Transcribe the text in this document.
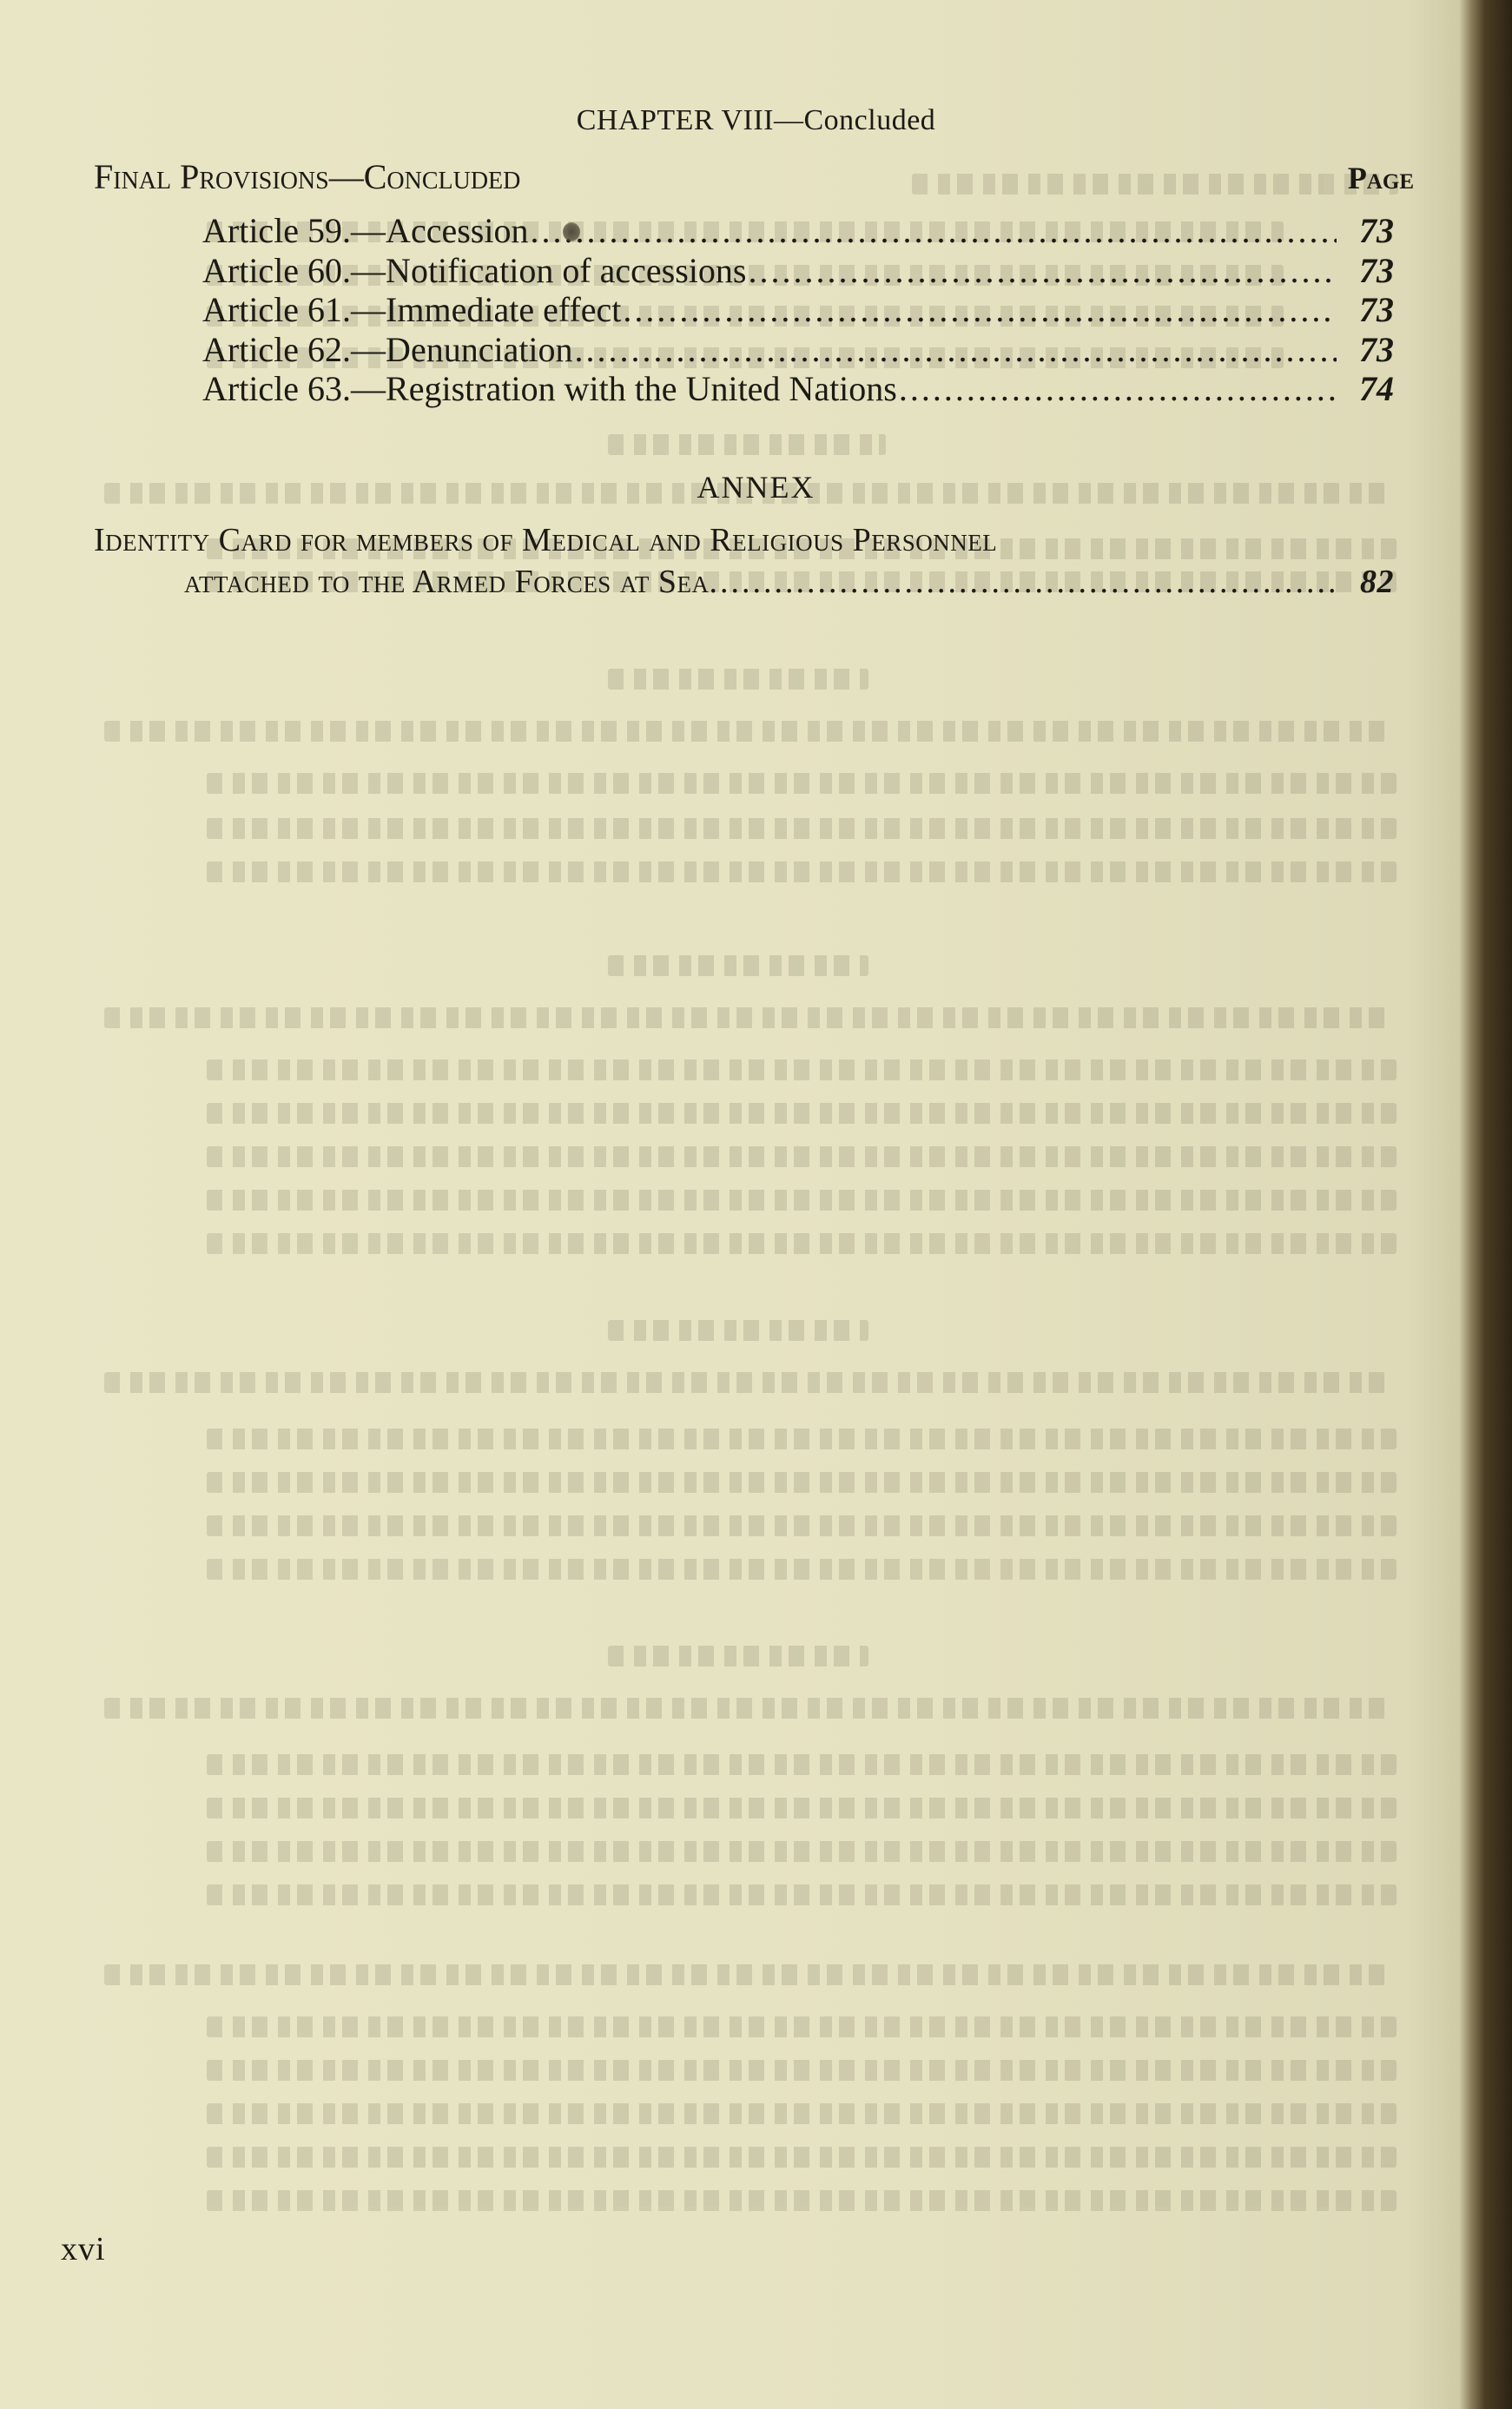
CHAPTER VIII—Concluded
Final Provisions—Concluded	Page
Article 59.—Accession .....	73
Article 60.—Notification of accessions .....	73
Article 61.—Immediate effect .....	73
Article 62.—Denunciation .....	73
Article 63.—Registration with the United Nations .....	74
ANNEX
Identity Card for members of Medical and Religious Personnel
attached to the Armed Forces at Sea .....	82
xvi
